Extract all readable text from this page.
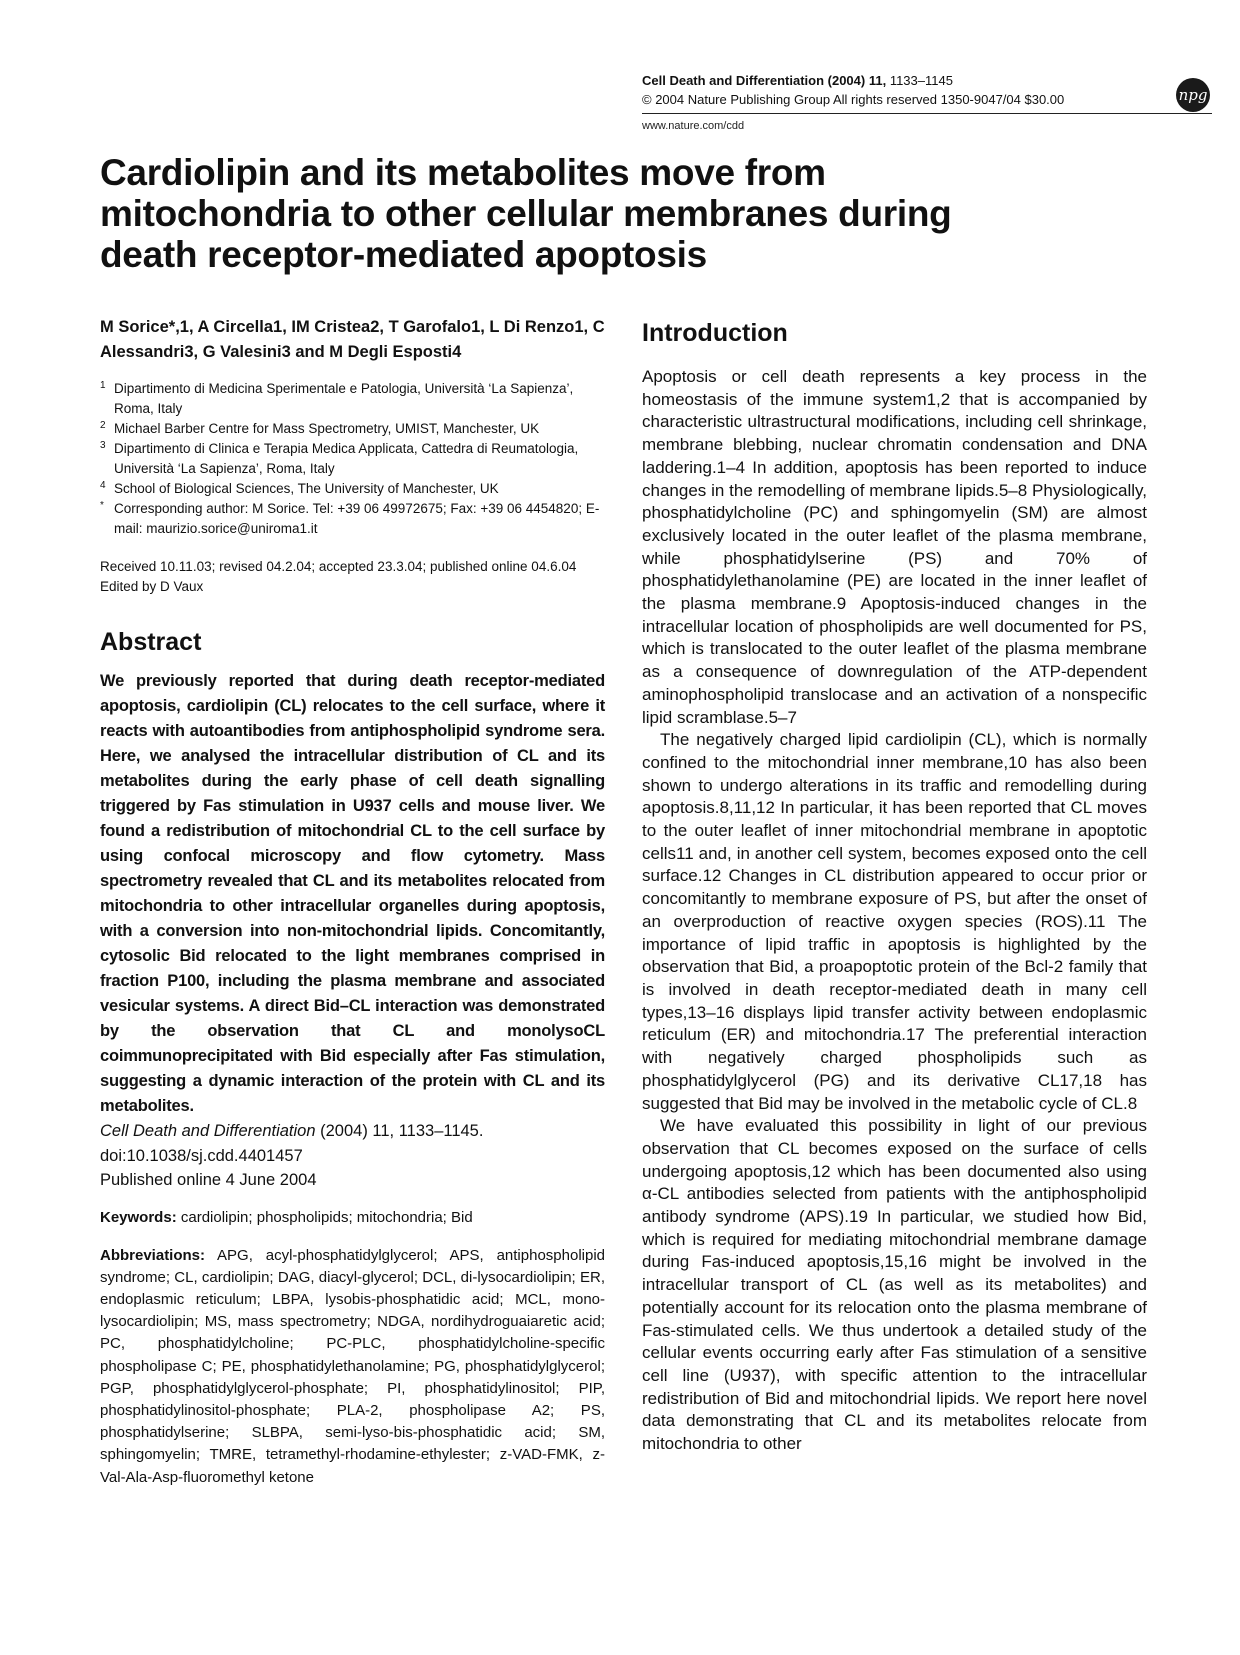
Cell Death and Differentiation (2004) 11, 1133–1145
© 2004 Nature Publishing Group All rights reserved 1350-9047/04 $30.00
www.nature.com/cdd
npg
Cardiolipin and its metabolites move from mitochondria to other cellular membranes during death receptor-mediated apoptosis

M Sorice*,1, A Circella1, IM Cristea2, T Garofalo1, L Di Renzo1, C Alessandri3, G Valesini3 and M Degli Esposti4

1 Dipartimento di Medicina Sperimentale e Patologia, Università ‘La Sapienza’, Roma, Italy
2 Michael Barber Centre for Mass Spectrometry, UMIST, Manchester, UK
3 Dipartimento di Clinica e Terapia Medica Applicata, Cattedra di Reumatologia, Università ‘La Sapienza’, Roma, Italy
4 School of Biological Sciences, The University of Manchester, UK
* Corresponding author: M Sorice. Tel: +39 06 49972675; Fax: +39 06 4454820; E-mail: maurizio.sorice@uniroma1.it

Received 10.11.03; revised 04.2.04; accepted 23.3.04; published online 04.6.04
Edited by D Vaux

Abstract

We previously reported that during death receptor-mediated apoptosis, cardiolipin (CL) relocates to the cell surface, where it reacts with autoantibodies from antiphospholipid syndrome sera. Here, we analysed the intracellular distribution of CL and its metabolites during the early phase of cell death signalling triggered by Fas stimulation in U937 cells and mouse liver. We found a redistribution of mitochondrial CL to the cell surface by using confocal microscopy and flow cytometry. Mass spectrometry revealed that CL and its metabolites relocated from mitochondria to other intracellular organelles during apoptosis, with a conversion into non-mitochondrial lipids. Concomitantly, cytosolic Bid relocated to the light membranes comprised in fraction P100, including the plasma membrane and associated vesicular systems. A direct Bid–CL interaction was demonstrated by the observation that CL and monolysoCL coimmunoprecipitated with Bid especially after Fas stimulation, suggesting a dynamic interaction of the protein with CL and its metabolites.

Cell Death and Differentiation (2004) 11, 1133–1145.
doi:10.1038/sj.cdd.4401457
Published online 4 June 2004

Keywords: cardiolipin; phospholipids; mitochondria; Bid

Abbreviations: APG, acyl-phosphatidylglycerol; APS, antiphospholipid syndrome; CL, cardiolipin; DAG, diacyl-glycerol; DCL, di-lysocardiolipin; ER, endoplasmic reticulum; LBPA, lysobis-phosphatidic acid; MCL, mono-lysocardiolipin; MS, mass spectrometry; NDGA, nordihydroguaiaretic acid; PC, phosphatidylcholine; PC-PLC, phosphatidylcholine-specific phospholipase C; PE, phosphatidylethanolamine; PG, phosphatidylglycerol; PGP, phosphatidylglycerol-phosphate; PI, phosphatidylinositol; PIP, phosphatidylinositol-phosphate; PLA-2, phospholipase A2; PS, phosphatidylserine; SLBPA, semi-lyso-bis-phosphatidic acid; SM, sphingomyelin; TMRE, tetramethyl-rhodamine-ethylester; z-VAD-FMK, z-Val-Ala-Asp-fluoromethyl ketone

Introduction

Apoptosis or cell death represents a key process in the homeostasis of the immune system1,2 that is accompanied by characteristic ultrastructural modifications, including cell shrinkage, membrane blebbing, nuclear chromatin condensation and DNA laddering.1–4 In addition, apoptosis has been reported to induce changes in the remodelling of membrane lipids.5–8 Physiologically, phosphatidylcholine (PC) and sphingomyelin (SM) are almost exclusively located in the outer leaflet of the plasma membrane, while phosphatidylserine (PS) and 70% of phosphatidylethanolamine (PE) are located in the inner leaflet of the plasma membrane.9 Apoptosis-induced changes in the intracellular location of phospholipids are well documented for PS, which is translocated to the outer leaflet of the plasma membrane as a consequence of downregulation of the ATP-dependent aminophospholipid translocase and an activation of a nonspecific lipid scramblase.5–7

The negatively charged lipid cardiolipin (CL), which is normally confined to the mitochondrial inner membrane,10 has also been shown to undergo alterations in its traffic and remodelling during apoptosis.8,11,12 In particular, it has been reported that CL moves to the outer leaflet of inner mitochondrial membrane in apoptotic cells11 and, in another cell system, becomes exposed onto the cell surface.12 Changes in CL distribution appeared to occur prior or concomitantly to membrane exposure of PS, but after the onset of an overproduction of reactive oxygen species (ROS).11 The importance of lipid traffic in apoptosis is highlighted by the observation that Bid, a proapoptotic protein of the Bcl-2 family that is involved in death receptor-mediated death in many cell types,13–16 displays lipid transfer activity between endoplasmic reticulum (ER) and mitochondria.17 The preferential interaction with negatively charged phospholipids such as phosphatidylglycerol (PG) and its derivative CL17,18 has suggested that Bid may be involved in the metabolic cycle of CL.8

We have evaluated this possibility in light of our previous observation that CL becomes exposed on the surface of cells undergoing apoptosis,12 which has been documented also using α-CL antibodies selected from patients with the antiphospholipid antibody syndrome (APS).19 In particular, we studied how Bid, which is required for mediating mitochondrial membrane damage during Fas-induced apoptosis,15,16 might be involved in the intracellular transport of CL (as well as its metabolites) and potentially account for its relocation onto the plasma membrane of Fas-stimulated cells. We thus undertook a detailed study of the cellular events occurring early after Fas stimulation of a sensitive cell line (U937), with specific attention to the intracellular redistribution of Bid and mitochondrial lipids. We report here novel data demonstrating that CL and its metabolites relocate from mitochondria to other
